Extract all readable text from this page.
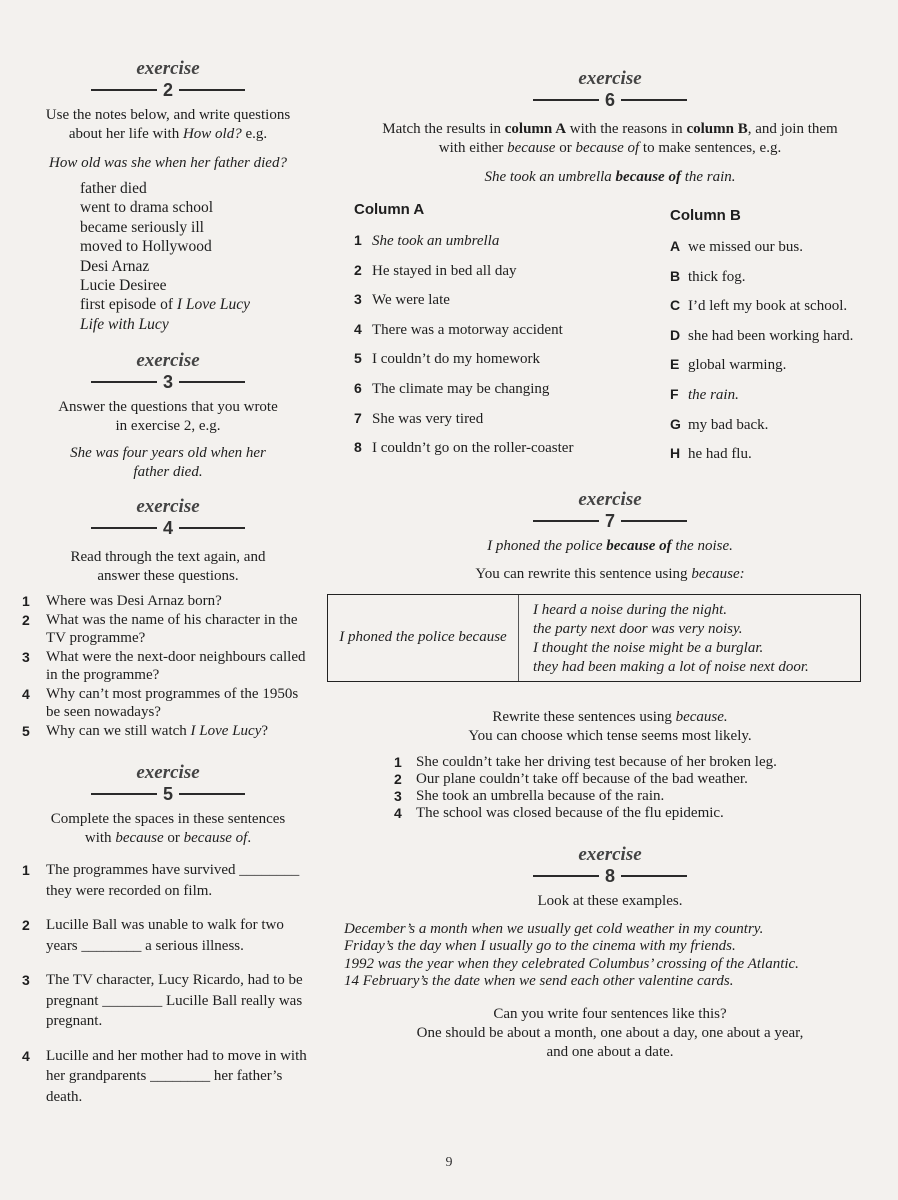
exercise
2

Use the notes below, and write questions
about her life with How old? e.g.

How old was she when her father died?

father died
went to drama school
became seriously ill
moved to Hollywood
Desi Arnaz
Lucie Desiree
first episode of I Love Lucy
Life with Lucy
exercise
3

Answer the questions that you wrote
in exercise 2, e.g.

She was four years old when her
father died.

exercise
4

Read through the text again, and
answer these questions.

1 Where was Desi Arnaz born?
2 What was the name of his character in the TV programme?
3 What were the next-door neighbours called in the programme?
4 Why can’t most programmes of the 1950s be seen nowadays?
5 Why can we still watch I Love Lucy?
exercise
5

Complete the spaces in these sentences
with because or because of.

1 The programmes have survived ________ they were recorded on film.
2 Lucille Ball was unable to walk for two years ________ a serious illness.
3 The TV character, Lucy Ricardo, had to be pregnant ________ Lucille Ball really was pregnant.
4 Lucille and her mother had to move in with her grandparents ________ her father’s death.
exercise
6

Match the results in column A with the reasons in column B, and join them
with either because or because of to make sentences, e.g.

She took an umbrella because of the rain.

Column A
1 She took an umbrella
2 He stayed in bed all day
3 We were late
4 There was a motorway accident
5 I couldn’t do my homework
6 The climate may be changing
7 She was very tired
8 I couldn’t go on the roller-coaster
Column B
A we missed our bus.
B thick fog.
C I’d left my book at school.
D she had been working hard.
E global warming.
F the rain.
G my bad back.
H he had flu.
exercise
7

I phoned the police because of the noise.

You can rewrite this sentence using because:

I phoned the police because
I heard a noise during the night.
the party next door was very noisy.
I thought the noise might be a burglar.
they had been making a lot of noise next door.

Rewrite these sentences using because.
You can choose which tense seems most likely.

1 She couldn’t take her driving test because of her broken leg.
2 Our plane couldn’t take off because of the bad weather.
3 She took an umbrella because of the rain.
4 The school was closed because of the flu epidemic.
exercise
8

Look at these examples.

December’s a month when we usually get cold weather in my country.
Friday’s the day when I usually go to the cinema with my friends.
1992 was the year when they celebrated Columbus’ crossing of the Atlantic.
14 February’s the date when we send each other valentine cards.

Can you write four sentences like this?
One should be about a month, one about a day, one about a year,
and one about a date.

9
